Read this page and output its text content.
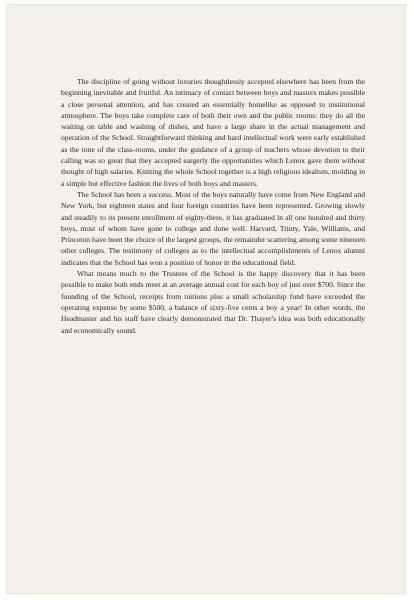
The discipline of going without luxuries thoughtlessly accepted elsewhere has been from the beginning inevitable and fruitful. An intimacy of contact between boys and masters makes possible a close personal attention, and has created an essentially homelike as opposed to institutional atmosphere. The boys take complete care of both their own and the public rooms: they do all the waiting on table and washing of dishes, and have a large share in the actual management and operation of the School. Straightforward thinking and hard intellectual work were early established as the tone of the class-rooms, under the guidance of a group of teachers whose devotion to their calling was so great that they accepted eargerly the opportunities which Lenox gave them without thought of high salaries. Knitting the whole School together is a high religious idealism, molding in a simple but effective fashion the lives of both boys and masters.

The School has been a success. Most of the boys naturally have come from New England and New York, but eighteen states and four foreign countries have been represented. Growing slowly and steadily to its present enrollment of eighty-three, it has graduated in all one hundred and thirty boys, most of whom have gone to college and done well. Harvard, Trinty, Yale, Williams, and Princeton have been the choice of the largest groups, the remainder scattering among some nineteen other colleges. The testimony of colleges as to the intellectual accomplishments of Lenox alumni indicates that the School has won a position of honor in the educational field.

What means much to the Trustees of the School is the happy discovery that it has been possible to make both ends meet at an average annual cost for each boy of just over $700. Since the founding of the School, receipts from tuitions plus a small scholarship fund have exceeded the operating expense by some $500, a balance of sixty-five cents a boy a year! In other words, the Headmaster and his staff have clearly demonstrated that Dr. Thayer's idea was both educationally and economically sound.
